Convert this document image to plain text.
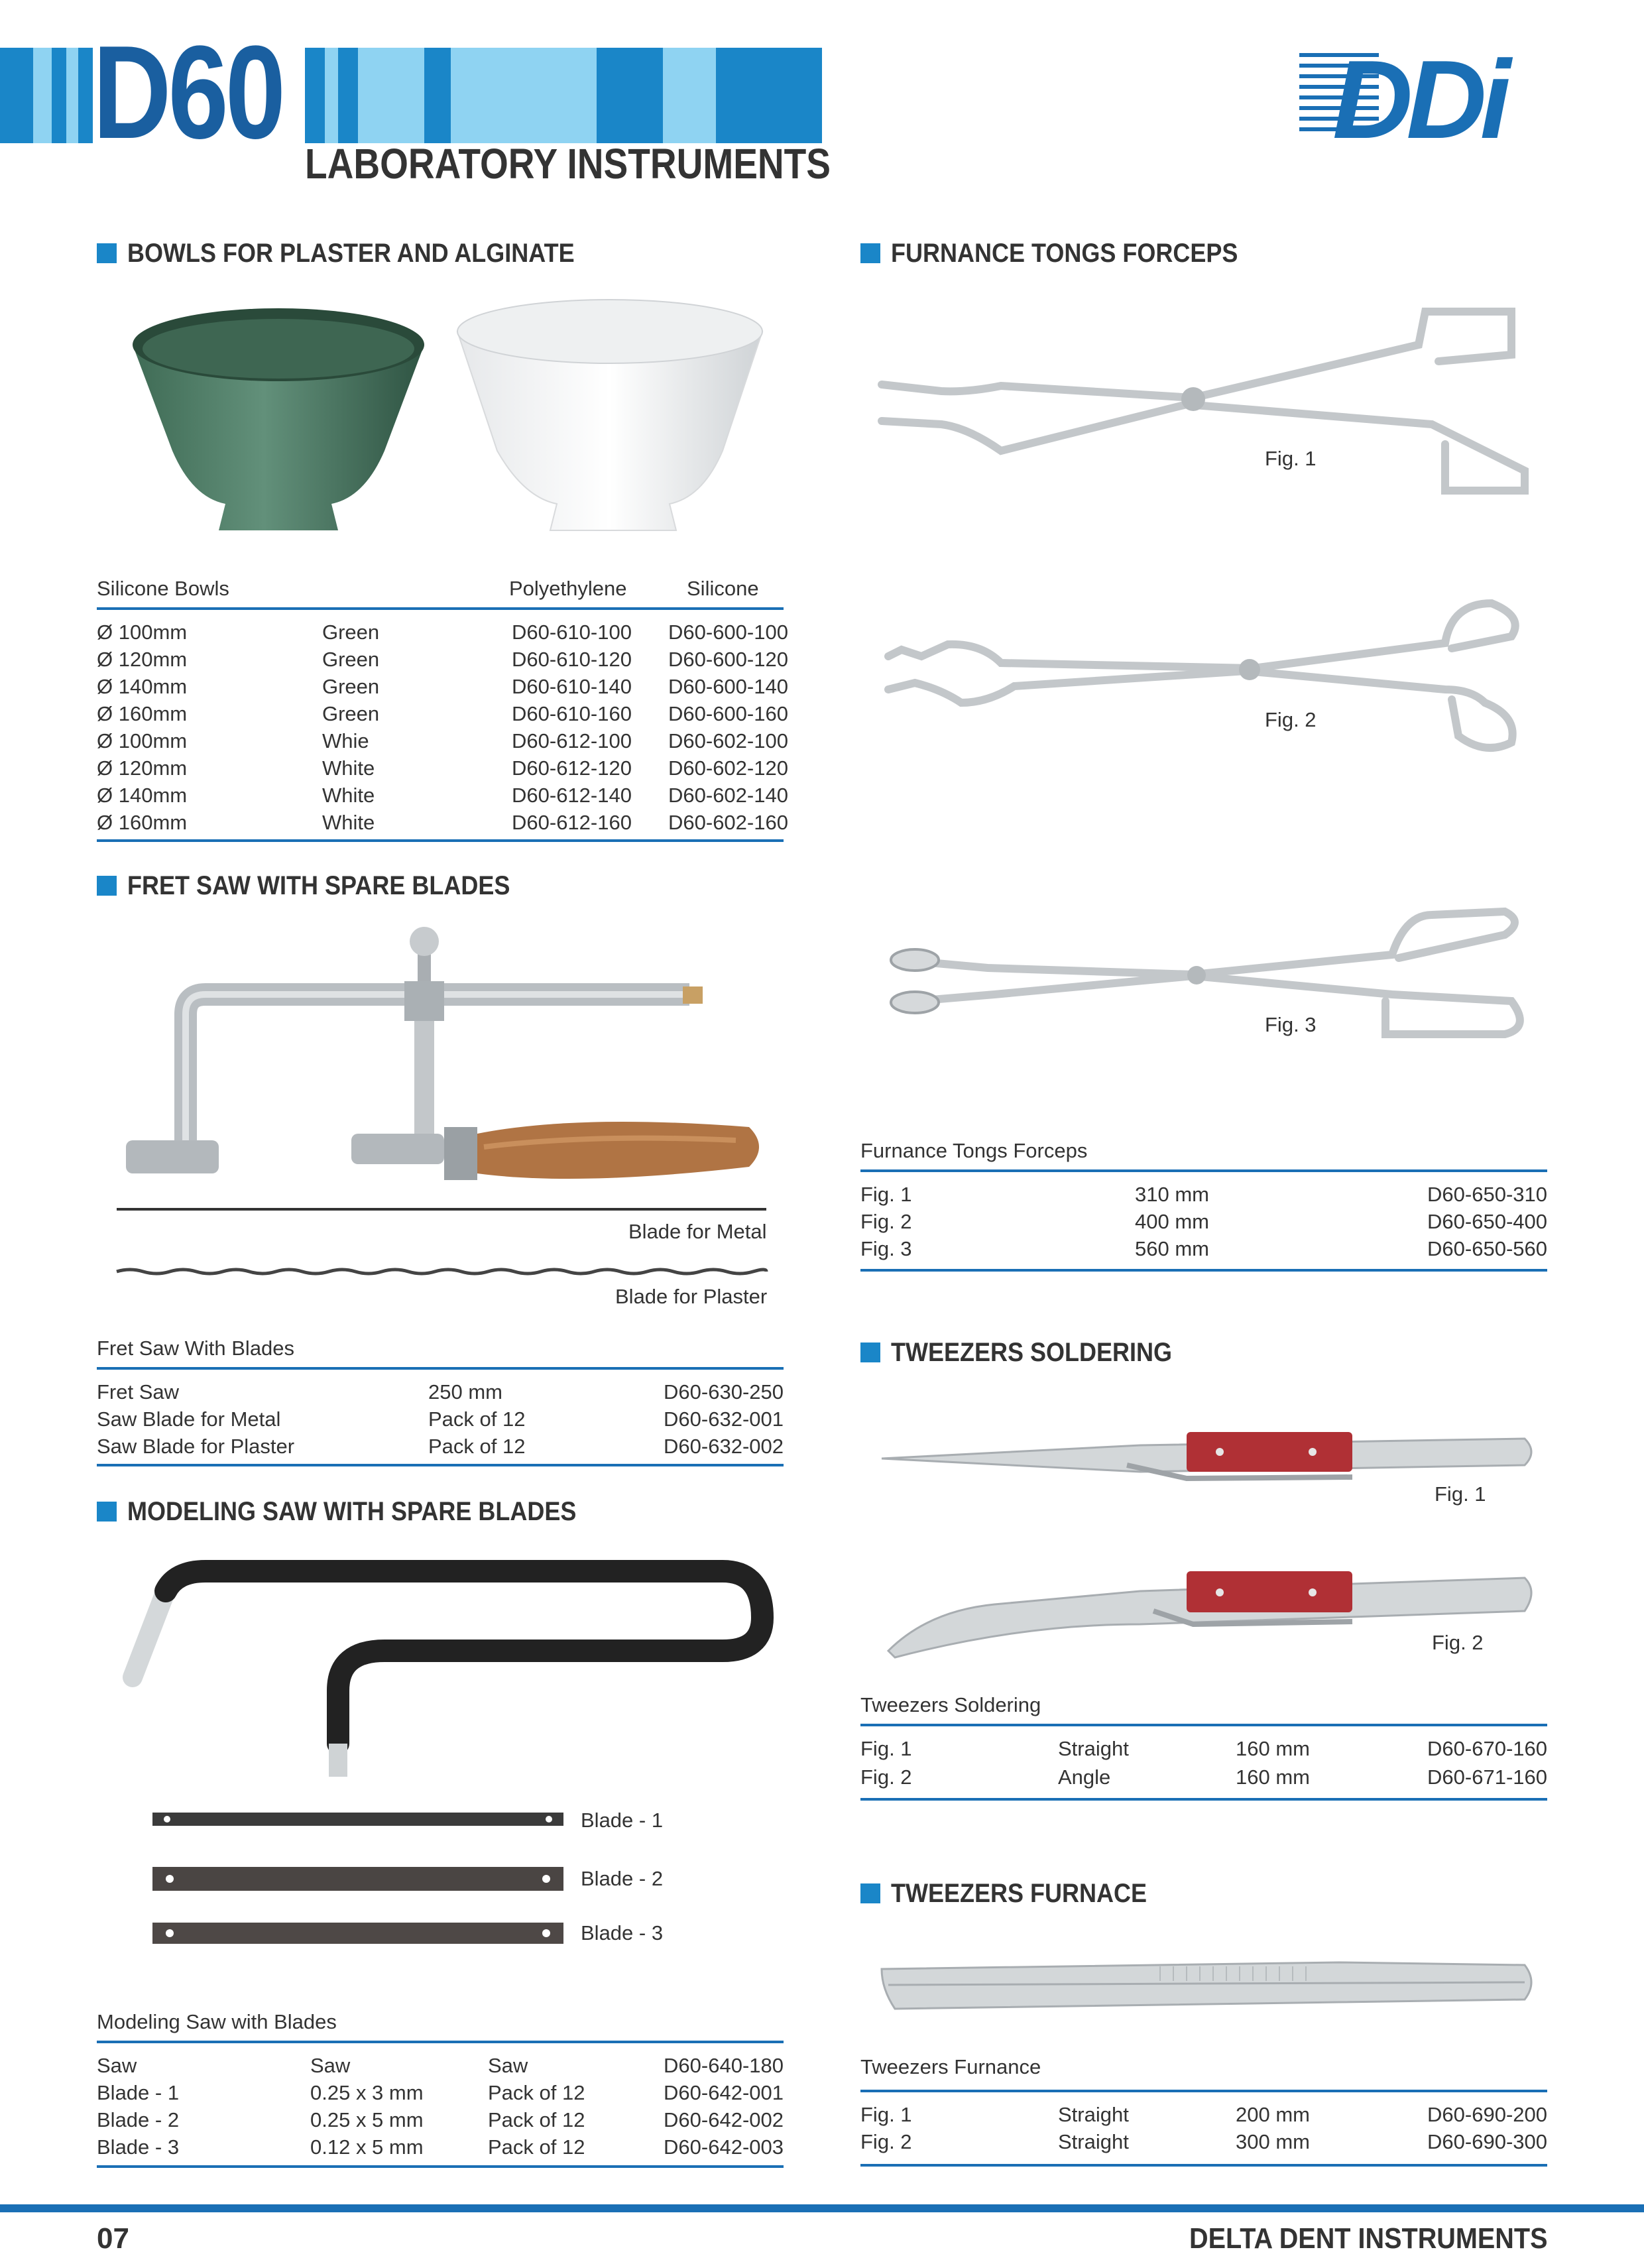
D60 LABORATORY INSTRUMENTS
DDi
BOWLS FOR PLASTER AND ALGINATE
Silicone Bowls	Polyethylene	Silicone
Ø 100mm	Green	D60-610-100 D60-600-100
Ø 120mm	Green	D60-610-120 D60-600-120
Ø 140mm	Green	D60-610-140 D60-600-140
Ø 160mm	Green	D60-610-160 D60-600-160
Ø 100mm	Whie	D60-612-100 D60-602-100
Ø 120mm	White	D60-612-120 D60-602-120
Ø 140mm	White	D60-612-140 D60-602-140
Ø 160mm	White	D60-612-160 D60-602-160
FRET SAW WITH SPARE BLADES
Blade for Metal
Blade for Plaster
Fret Saw With Blades
Fret Saw	250 mm	D60-630-250
Saw Blade for Metal	Pack of 12	D60-632-001
Saw Blade for Plaster	Pack of 12	D60-632-002
MODELING SAW WITH SPARE BLADES
Blade - 1
Blade - 2
Blade - 3
Modeling Saw with Blades
Saw	Saw	Saw	D60-640-180
Blade - 1	0.25 x 3 mm	Pack of 12	D60-642-001
Blade - 2	0.25 x 5 mm	Pack of 12	D60-642-002
Blade - 3	0.12 x 5 mm	Pack of 12	D60-642-003
FURNANCE TONGS FORCEPS
Fig. 1
Fig. 2
Fig. 3
Furnance Tongs Forceps
Fig. 1	310 mm	D60-650-310
Fig. 2	400 mm	D60-650-400
Fig. 3	560 mm	D60-650-560
TWEEZERS SOLDERING
Fig. 1
Fig. 2
Tweezers Soldering
Fig. 1	Straight	160 mm	D60-670-160
Fig. 2	Angle	160 mm	D60-671-160
TWEEZERS FURNACE
Tweezers Furnance
Fig. 1	Straight	200 mm	D60-690-200
Fig. 2	Straight	300 mm	D60-690-300
07	DELTA DENT INSTRUMENTS
